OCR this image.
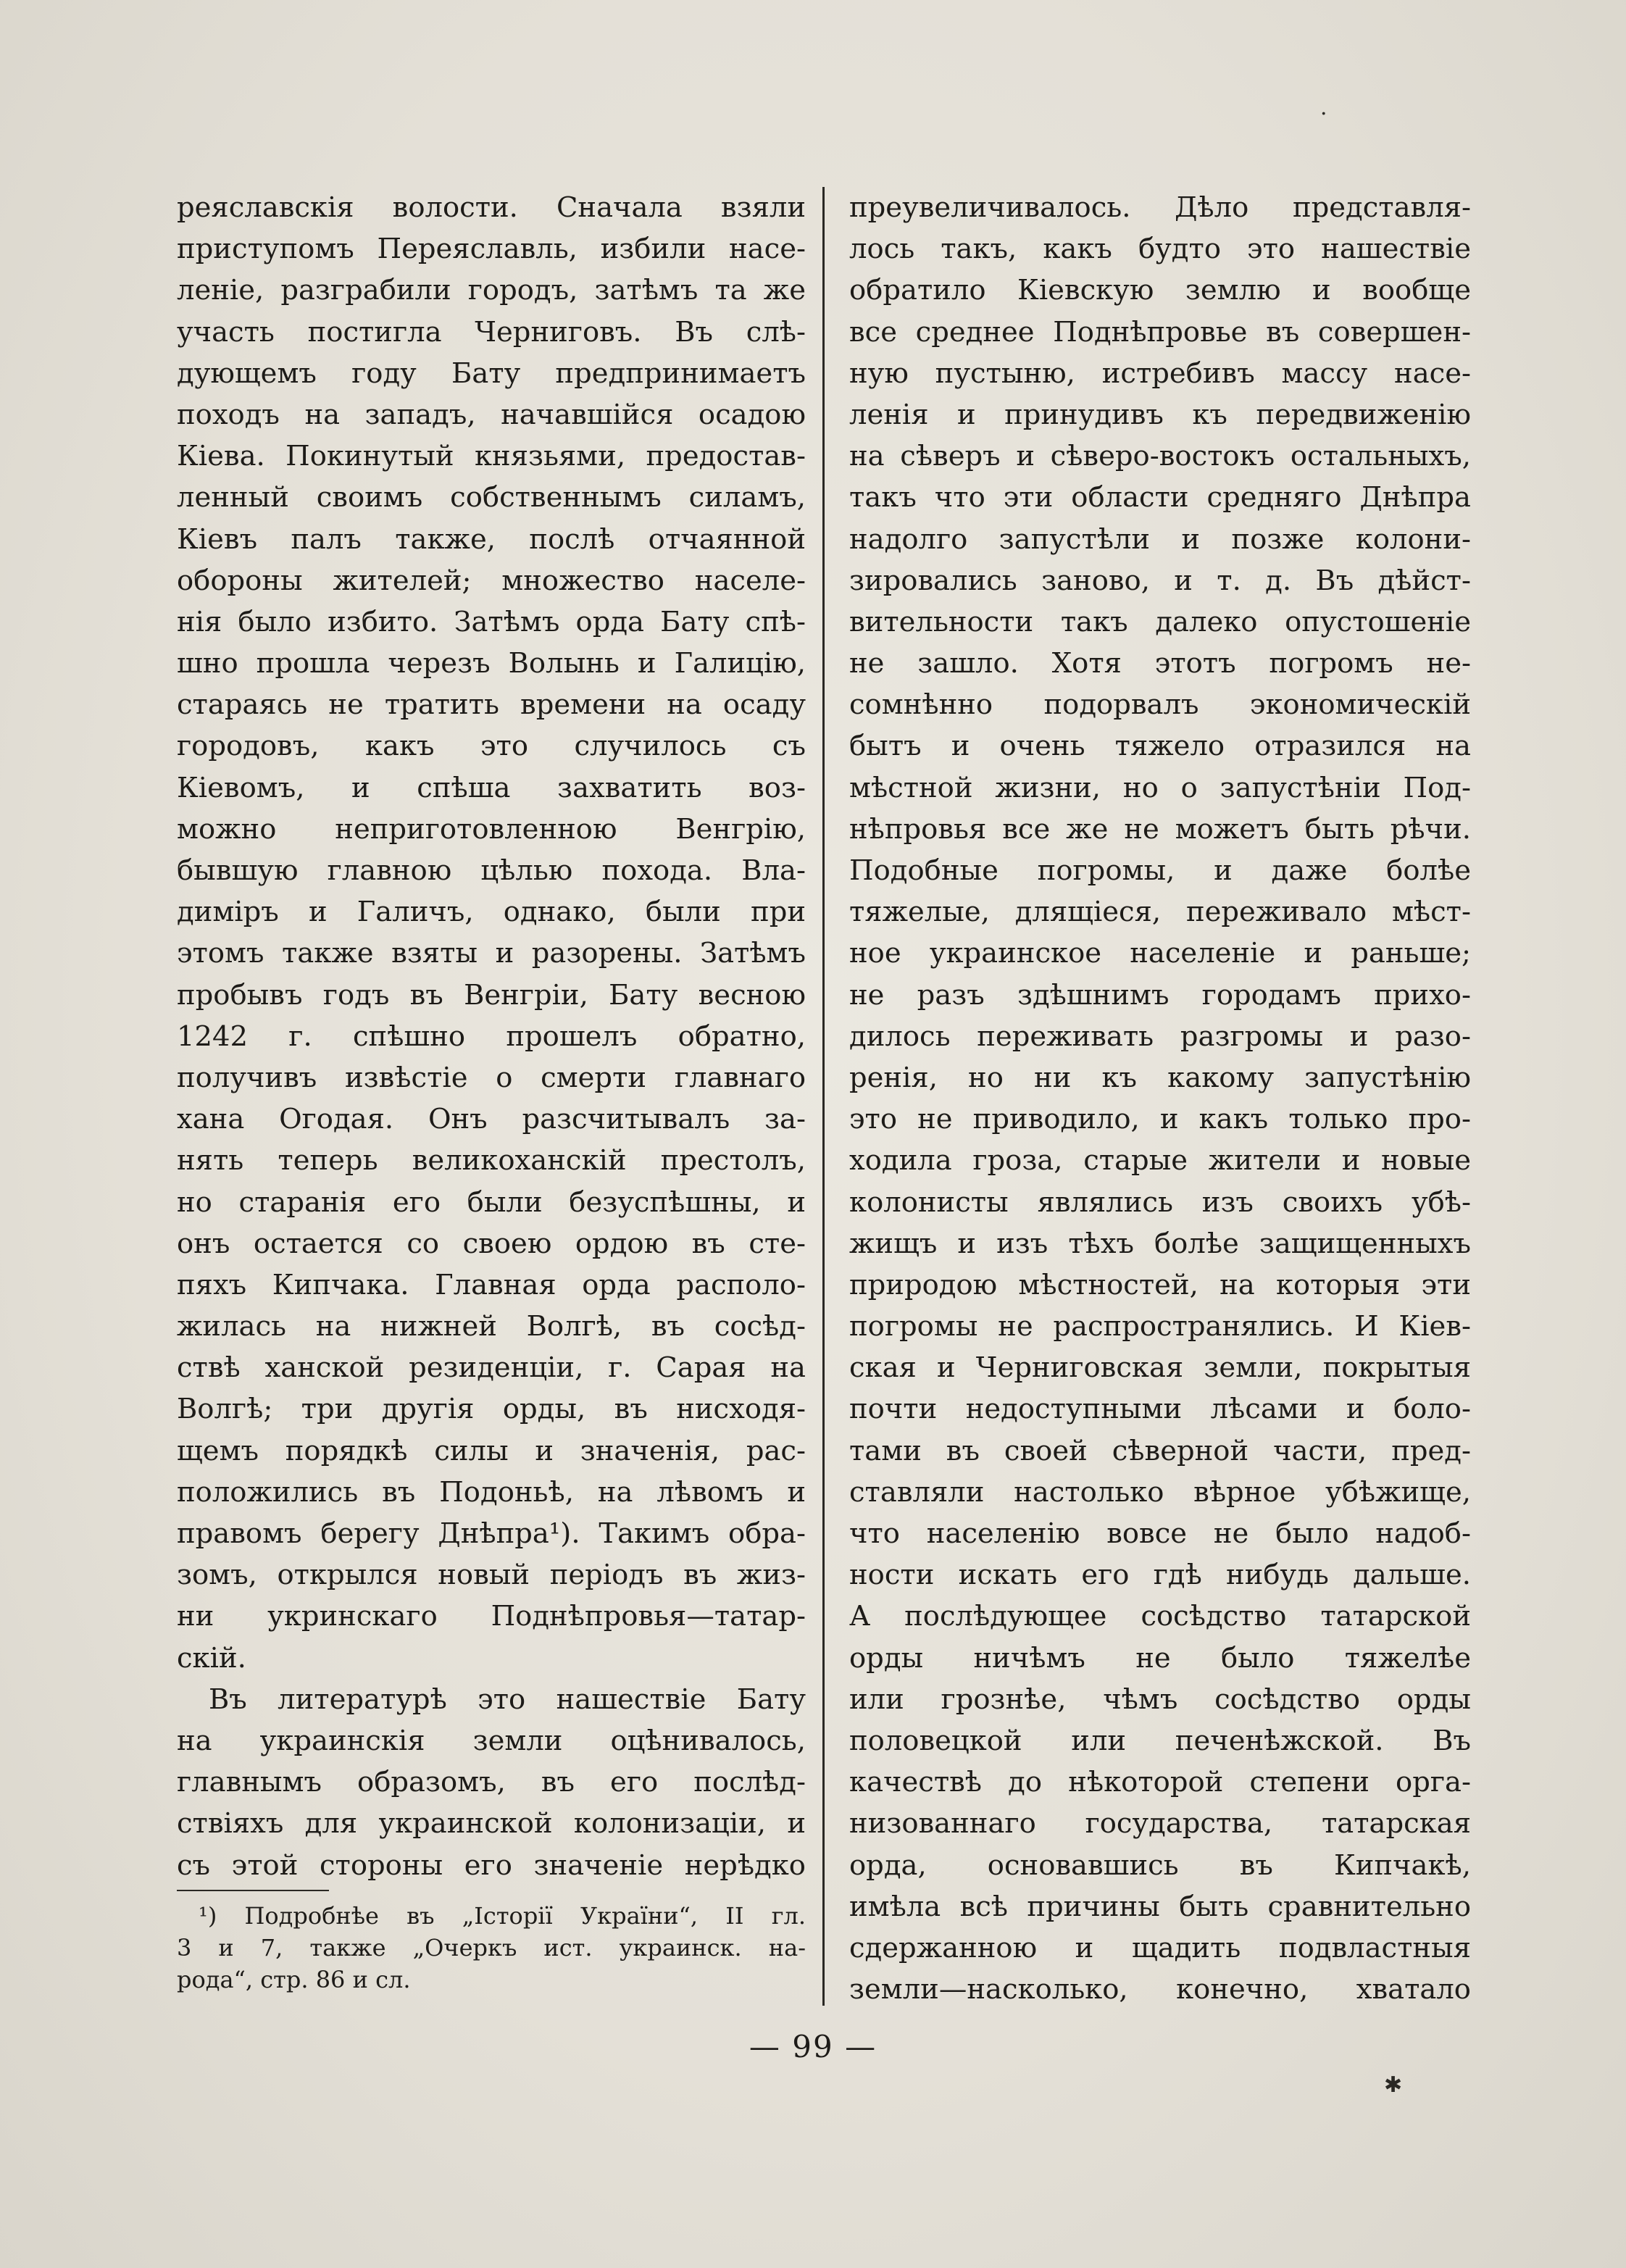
реяславскія волости. Сначала взяли
приступомъ Переяславль, избили насе-
леніе, разграбили городъ, затѣмъ та же
участь постигла Черниговъ. Въ слѣ-
дующемъ году Бату предпринимаетъ
походъ на западъ, начавшійся осадою
Кіева. Покинутый князьями, предостав-
ленный своимъ собственнымъ силамъ,
Кіевъ палъ также, послѣ отчаянной
обороны жителей; множество населе-
нія было избито. Затѣмъ орда Бату спѣ-
шно прошла черезъ Волынь и Галицію,
стараясь не тратить времени на осаду
городовъ, какъ это случилось съ
Кіевомъ, и спѣша захватить воз-
можно неприготовленною Венгрію,
бывшую главною цѣлью похода. Вла-
диміръ и Галичъ, однако, были при
этомъ также взяты и разорены. Затѣмъ
пробывъ годъ въ Венгріи, Бату весною
1242 г. спѣшно прошелъ обратно,
получивъ извѣстіе о смерти главнаго
хана Огодая. Онъ разсчитывалъ за-
нять теперь великоханскій престолъ,
но старанія его были безуспѣшны, и
онъ остается со своею ордою въ сте-
пяхъ Кипчака. Главная орда располо-
жилась на нижней Волгѣ, въ сосѣд-
ствѣ ханской резиденціи, г. Сарая на
Волгѣ; три другія орды, въ нисходя-
щемъ порядкѣ силы и значенія, рас-
положились въ Подоньѣ, на лѣвомъ и
правомъ берегу Днѣпра¹). Такимъ обра-
зомъ, открылся новый періодъ въ жиз-
ни укринскаго Поднѣпровья—татар-
скій.
Въ литературѣ это нашествіе Бату
на украинскія земли оцѣнивалось,
главнымъ образомъ, въ его послѣд-
ствіяхъ для украинской колонизаціи, и
съ этой стороны его значеніе нерѣдко
преувеличивалось. Дѣло представля-
лось такъ, какъ будто это нашествіе
обратило Кіевскую землю и вообще
все среднее Поднѣпровье въ совершен-
ную пустыню, истребивъ массу насе-
ленія и принудивъ къ передвиженію
на сѣверъ и сѣверо-востокъ остальныхъ,
такъ что эти области средняго Днѣпра
надолго запустѣли и позже колони-
зировались заново, и т. д. Въ дѣйст-
вительности такъ далеко опустошеніе
не зашло. Хотя этотъ погромъ не-
сомнѣнно подорвалъ экономическій
бытъ и очень тяжело отразился на
мѣстной жизни, но о запустѣніи Под-
нѣпровья все же не можетъ быть рѣчи.
Подобные погромы, и даже болѣе
тяжелые, длящіеся, переживало мѣст-
ное украинское населеніе и раньше;
не разъ здѣшнимъ городамъ прихо-
дилось переживать разгромы и разо-
ренія, но ни къ какому запустѣнію
это не приводило, и какъ только про-
ходила гроза, старые жители и новые
колонисты являлись изъ своихъ убѣ-
жищъ и изъ тѣхъ болѣе защищенныхъ
природою мѣстностей, на которыя эти
погромы не распространялись. И Кіев-
ская и Черниговская земли, покрытыя
почти недоступными лѣсами и боло-
тами въ своей сѣверной части, пред-
ставляли настолько вѣрное убѣжище,
что населенію вовсе не было надоб-
ности искать его гдѣ нибудь дальше.
А послѣдующее сосѣдство татарской
орды ничѣмъ не было тяжелѣе
или грознѣе, чѣмъ сосѣдство орды
половецкой или печенѣжской. Въ
качествѣ до нѣкоторой степени орга-
низованнаго государства, татарская
орда, основавшись въ Кипчакѣ,
имѣла всѣ причины быть сравнительно
сдержанною и щадить подвластныя
земли—насколько, конечно, хватало
¹) Подробнѣе въ „Історії України“, II гл.
3 и 7, также „Очеркъ ист. украинск. на-
рода“, стр. 86 и сл.
— 99 —
·
✱
